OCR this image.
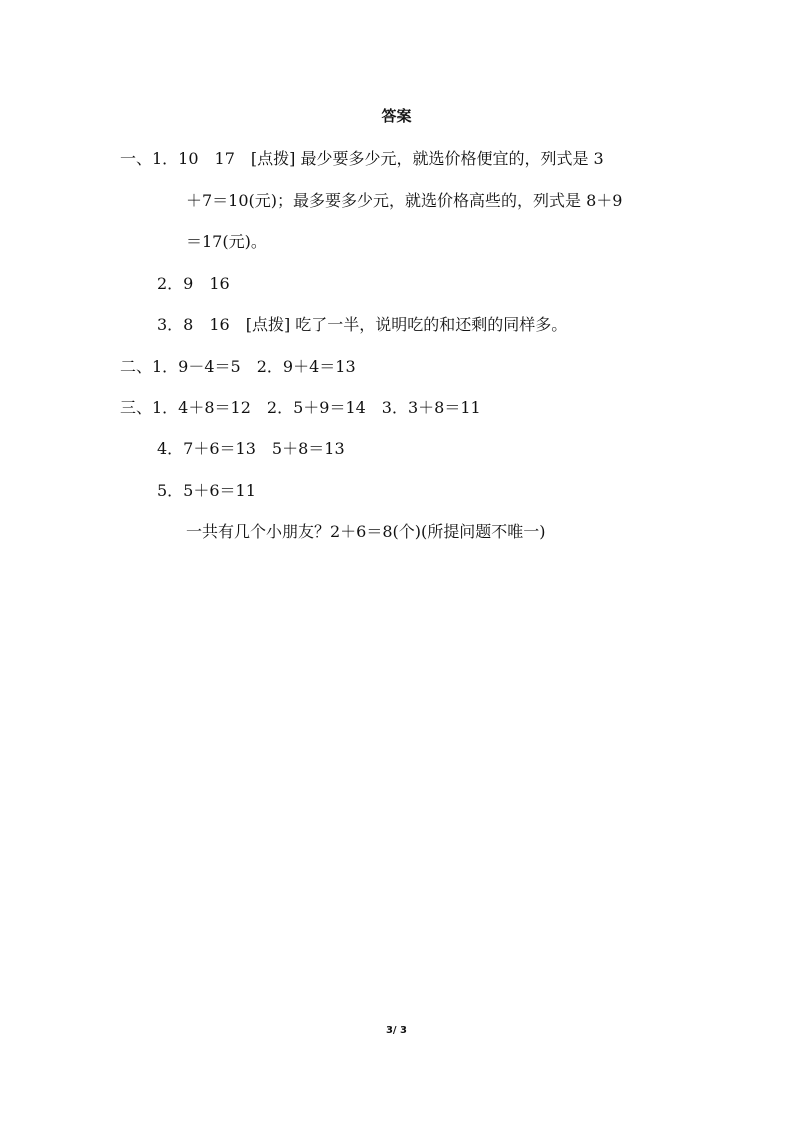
答案
一、1．10　17　[点拨] 最少要多少元，就选价格便宜的，列式是 3
＋7＝10(元)；最多要多少元，就选价格高些的，列式是 8＋9
＝17(元)。
2．9　16
3．8　16　[点拨] 吃了一半，说明吃的和还剩的同样多。
二、1．9－4＝5　2．9＋4＝13
三、1．4＋8＝12　2．5＋9＝14　3．3＋8＝11
4．7＋6＝13　5＋8＝13
5．5＋6＝11
一共有几个小朋友？2＋6＝8(个)(所提问题不唯一)
3/ 3
